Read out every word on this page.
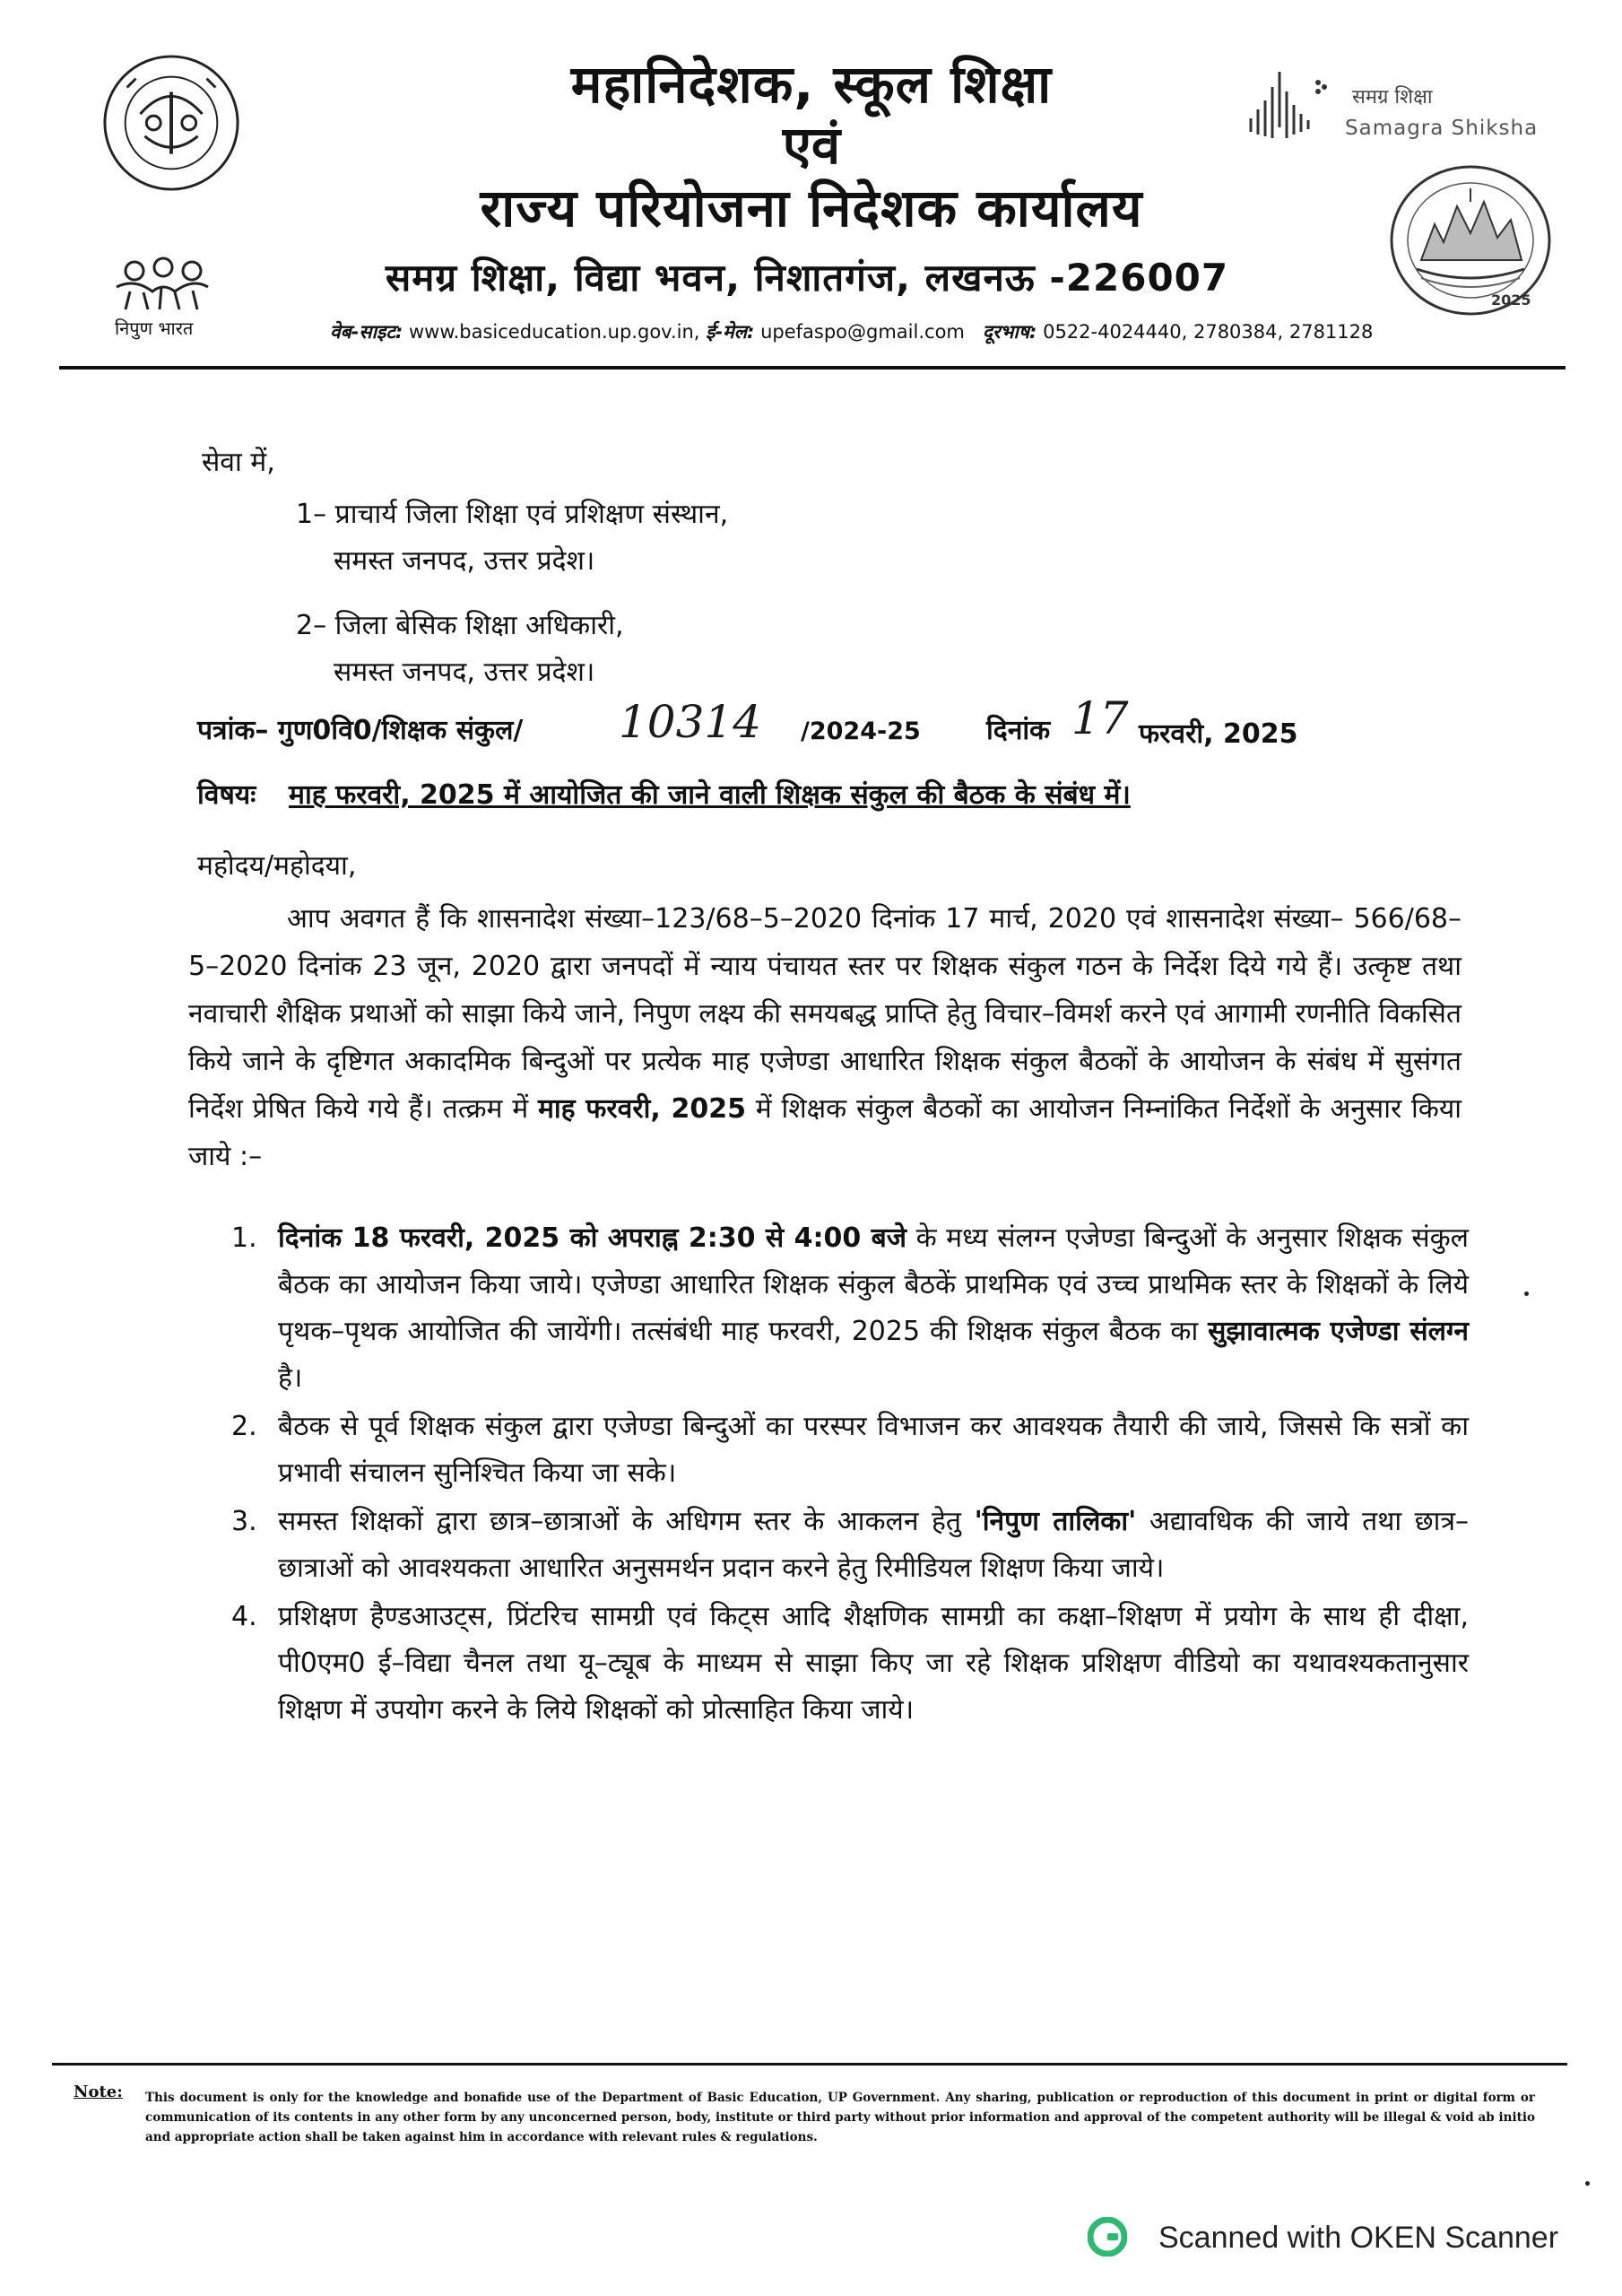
निपुण भारत
महानिदेशक, स्कूल शिक्षा
एवं
राज्य परियोजना निदेशक कार्यालय
समग्र शिक्षा, विद्या भवन, निशातगंज, लखनऊ -226007
वेब-साइट: www.basiceducation.up.gov.in, ई-मेल: upefaspo@gmail.com दूरभाष: 0522-4024440, 2780384, 2781128
समग्र शिक्षा
Samagra Shiksha
2025
सेवा में,
1– प्राचार्य जिला शिक्षा एवं प्रशिक्षण संस्थान,
समस्त जनपद, उत्तर प्रदेश।
2– जिला बेसिक शिक्षा अधिकारी,
समस्त जनपद, उत्तर प्रदेश।
पत्रांक– गुण0वि0/शिक्षक संकुल/ 10314 /2024-25 दिनांक 17 फरवरी, 2025
विषयः माह फरवरी, 2025 में आयोजित की जाने वाली शिक्षक संकुल की बैठक के संबंध में।
महोदय/महोदया,
आप अवगत हैं कि शासनादेश संख्या–123/68–5–2020 दिनांक 17 मार्च, 2020 एवं शासनादेश संख्या– 566/68–5–2020 दिनांक 23 जून, 2020 द्वारा जनपदों में न्याय पंचायत स्तर पर शिक्षक संकुल गठन के निर्देश दिये गये हैं। उत्कृष्ट तथा नवाचारी शैक्षिक प्रथाओं को साझा किये जाने, निपुण लक्ष्य की समयबद्ध प्राप्ति हेतु विचार–विमर्श करने एवं आगामी रणनीति विकसित किये जाने के दृष्टिगत अकादमिक बिन्दुओं पर प्रत्येक माह एजेण्डा आधारित शिक्षक संकुल बैठकों के आयोजन के संबंध में सुसंगत निर्देश प्रेषित किये गये हैं। तत्क्रम में माह फरवरी, 2025 में शिक्षक संकुल बैठकों का आयोजन निम्नांकित निर्देशों के अनुसार किया जाये :–
1. दिनांक 18 फरवरी, 2025 को अपराह्न 2:30 से 4:00 बजे के मध्य संलग्न एजेण्डा बिन्दुओं के अनुसार शिक्षक संकुल बैठक का आयोजन किया जाये। एजेण्डा आधारित शिक्षक संकुल बैठकें प्राथमिक एवं उच्च प्राथमिक स्तर के शिक्षकों के लिये पृथक–पृथक आयोजित की जायेंगी। तत्संबंधी माह फरवरी, 2025 की शिक्षक संकुल बैठक का सुझावात्मक एजेण्डा संलग्न है।
2. बैठक से पूर्व शिक्षक संकुल द्वारा एजेण्डा बिन्दुओं का परस्पर विभाजन कर आवश्यक तैयारी की जाये, जिससे कि सत्रों का प्रभावी संचालन सुनिश्चित किया जा सके।
3. समस्त शिक्षकों द्वारा छात्र–छात्राओं के अधिगम स्तर के आकलन हेतु 'निपुण तालिका' अद्यावधिक की जाये तथा छात्र–छात्राओं को आवश्यकता आधारित अनुसमर्थन प्रदान करने हेतु रिमीडियल शिक्षण किया जाये।
4. प्रशिक्षण हैण्डआउट्स, प्रिंटरिच सामग्री एवं किट्स आदि शैक्षणिक सामग्री का कक्षा–शिक्षण में प्रयोग के साथ ही दीक्षा, पी0एम0 ई–विद्या चैनल तथा यू–ट्यूब के माध्यम से साझा किए जा रहे शिक्षक प्रशिक्षण वीडियो का यथावश्यकतानुसार शिक्षण में उपयोग करने के लिये शिक्षकों को प्रोत्साहित किया जाये।
Note: This document is only for the knowledge and bonafide use of the Department of Basic Education, UP Government. Any sharing, publication or reproduction of this document in print or digital form or communication of its contents in any other form by any unconcerned person, body, institute or third party without prior information and approval of the competent authority will be illegal & void ab initio and appropriate action shall be taken against him in accordance with relevant rules & regulations.
Scanned with OKEN Scanner
